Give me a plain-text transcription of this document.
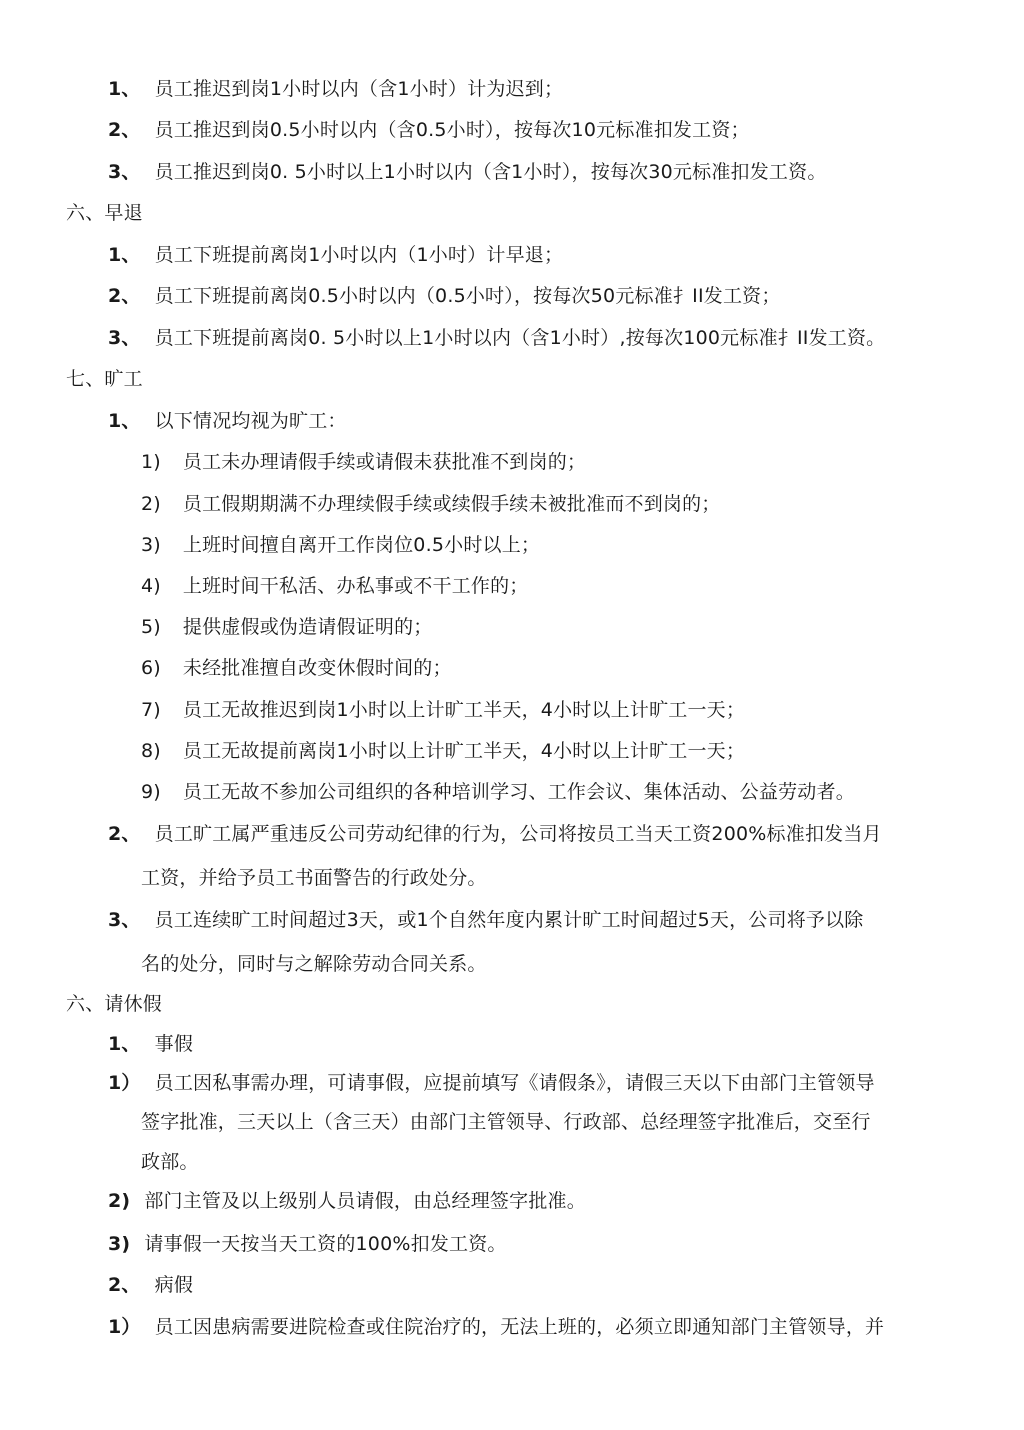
1、 员工推迟到岗1小时以内（含1小时）计为迟到；
2、 员工推迟到岗0.5小时以内（含0.5小时），按每次10元标准扣发工资；
3、 员工推迟到岗0. 5小时以上1小时以内（含1小时），按每次30元标准扣发工资。
六、早退
1、 员工下班提前离岗1小吋以内（1小吋）计早退；
2、 员工下班提前离岗0.5小时以内（0.5小吋），按每次50元标准扌II发工资；
3、 员工下班提前离岗0. 5小时以上1小时以内（含1小时）,按每次100元标准扌II发工资。
七、旷工
1、 以下情况均视为旷工：
1) 员工未办理请假手续或请假未获批准不到岗的；
2) 员工假期期满不办理续假手续或续假手续未被批准而不到岗的；
3) 上班时间擅自离开工作岗位0.5小时以上；
4) 上班时间干私活、办私事或不干工作的；
5) 提供虚假或伪造请假证明的；
6) 未经批准擅自改变休假时间的；
7) 员工无故推迟到岗1小时以上计旷工半天，4小时以上计旷工一天；
8) 员工无故提前离岗1小时以上计旷工半天，4小时以上计旷工一天；
9) 员工无故不参加公司组织的各种培训学习、工作会议、集体活动、公益劳动者。
2、 员工旷工属严重违反公司劳动纪律的行为，公司将按员工当天工资200%标准扣发当月
工资，并给予员工书面警告的行政处分。
3、 员工连续旷工时间超过3天，或1个自然年度内累计旷工时间超过5天，公司将予以除
名的处分，同时与之解除劳动合同关系。
六、请休假
1、 事假
1） 员工因私事需办理，可请事假，应提前填写《请假条》，请假三天以下由部门主管领导
签字批准，三天以上（含三天）由部门主管领导、行政部、总经理签字批准后，交至行
政部。
2) 部门主管及以上级别人员请假，由总经理签字批准。
3) 请事假一天按当天工资的100%扣发工资。
2、 病假
1） 员工因患病需要进院检查或住院治疗的，无法上班的，必须立即通知部门主管领导，并
